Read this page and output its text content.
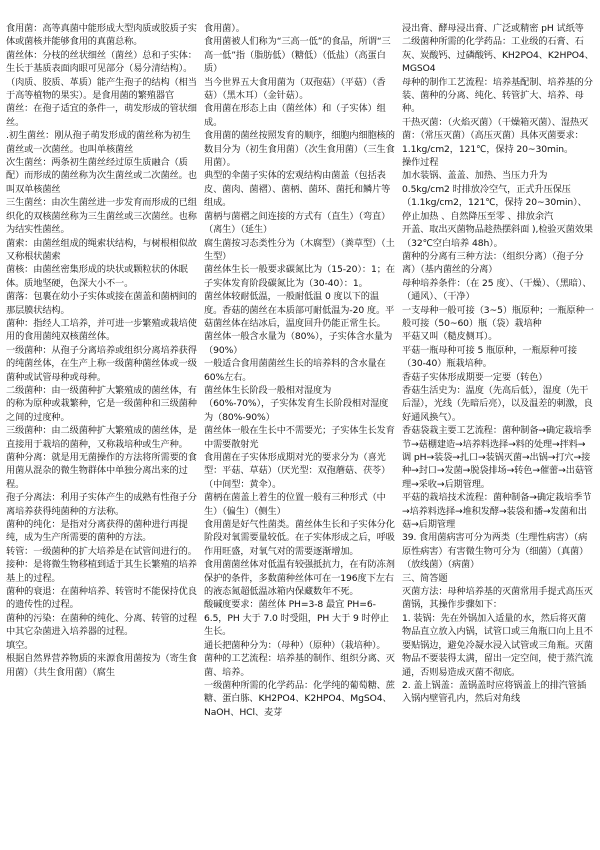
食用菌：高等真菌中能形成大型肉质或胶质子实体或菌核并能够食用的真菌总称。

菌丝体：分枝的丝状细丝（菌丝）总和子实体：生长于基质表面肉眼可见部分（易分清结构）。（肉质、胶质、革质）能产生孢子的结构（相当于高等植物的果实）。是食用菌的繁殖器官

菌丝：在孢子适宜的条件一，萌发形成的管状细丝。

.初生菌丝：刚从孢子萌发形成的菌丝称为初生菌丝或一次菌丝。也叫单核菌丝

次生菌丝：两条初生菌丝经过原生质融合（质配）而形成的菌丝称为次生菌丝或二次菌丝。也叫双单核菌丝

三生菌丝：由次生菌丝进一步发育而形成的已组织化的双核菌丝称为三生菌丝或三次菌丝。也称为结实性菌丝。

菌索：由菌丝组成的绳索状结构，与树根相似故又称根状菌索

菌核：由菌丝密集形成的块状或颗粒状的休眠体。质地坚硬，色深大小不一。

菌落：包裹在幼小子实体或接在菌盖和菌柄间的那层膜状结构。

菌种：指经人工培养，并可进一步繁殖或栽培使用的食用菌纯双核菌丝体。

一级菌种：从孢子分离培养或组织分离培养获得的纯菌丝体，在生产上称一级菌种菌丝体或一级菌种或试管母种或母种。

二级菌种：由一级菌种扩大繁殖成的菌丝体，有的称为原种或栽繁种，它是一级菌种和三级菌种之间的过度种。

三级菌种：由二级菌种扩大繁殖成的菌丝体，是直接用于栽培的菌种，又称栽培种或生产种。

菌种分离：就是用无菌操作的方法将所需要的食用菌从混杂的微生物群体中单独分离出来的过程。

孢子分离法：利用子实体产生的成熟有性孢子分离培养获得纯菌种的方法称。

菌种的纯化：是指对分离获得的菌种进行再提纯，成为生产所需要的菌种的方法。

转管：一级菌种的扩大培养是在试管间进行的。

接种：是将微生物移植到适于其生长繁殖的培养基上的过程。

菌种的衰退：在菌种培养、转管时不能保持优良的遗传性的过程。

菌种的污染：在菌种的纯化、分离、转管的过程中其它杂菌进入培养器的过程。

填空。

根据自然界营养物质的来源食用菌按为（寄生食用菌）（共生食用菌）（腐生

食用菌）。

食用菌被人们称为“三高一低”的食品，所谓“三高一低”指（脂肪低）（糖低）（低盐）（高蛋白质）

当今世界五大食用菌为（双孢菇）（平菇）（香菇）（黑木耳）（金针菇）。

食用菌在形态上由（菌丝体）和（子实体）组成。

食用菌的菌丝按照发育的顺序，细胞内细胞核的数目分为（初生食用菌）（次生食用菌）（三生食用菌）。

典型的伞菌子实体的宏观结构由菌盖（包括表皮、菌肉、菌褶）、菌柄、菌环、菌托和鳞片等组成。

菌柄与菌褶之间连接的方式有（直生）（弯直）（离生）（延生）

腐生菌按习态类性分为（木腐型）（粪草型）（土生型）

菌丝体生长一般要求碳氮比为（15-20）：1；在子实体发育阶段碳氮比为（30-40）：1。

菌丝体较耐低温，一般耐低温 0 度以下的温度。香菇的菌丝在本质部可耐低温为-20 度。平菇菌丝体在结冰后，温度回升仍能正常生长。

菌丝体一般含水量为（80%），子实体含水量为（90%）

一般适合食用菌菌丝生长的培养料的含水量在 60%左右。

菌丝体生长阶段一般相对湿度为（60%-70%），子实体发育生长阶段相对湿度为（80%-90%）

菌丝体一般在生长中不需要光；子实体生长发育中需要散射光

食用菌在子实体形成期对光的要求分为（喜光型：平菇、草菇）（厌光型：双孢蘑菇、茯苓）（中间型：黄伞）。

菌柄在菌盖上着生的位置一般有三种形式（中生）（偏生）（侧生）

食用菌是好气性菌类。菌丝体生长和子实体分化阶段对氧需要量较低。在子实体形成之后，呼吸作用旺盛，对氧气对的需要逐渐增加。

食用菌菌丝体对低温有较强抵抗力，在有防冻剂保护的条件，多数菌种丝体可在一196度下左右的液态氮超低温冰箱内保藏数年不死。

酸碱度要求：菌丝体 PH=3-8 最宜 PH=6-6.5，PH 大于 7.0 时受阻，PH 大于 9 时停止生长。

通长把菌种分为：（母种）（原种）（栽培种）。

菌种的工艺流程：培养基的制作、组织分离、灭菌、培养。

一级菌种所需的化学药品：化学纯的葡萄糖、蔗糖、蛋白胨、KH2PO4、K2HPO4、MgSO4、NaOH、HCl、麦芽

浸出膏、酵母浸出膏、广泛或精密 pH 试纸等

二级菌种所需的化学药品：工业级的石膏、石灰、炭酸钙、过磷酸钙、KH2PO4、K2HPO4、MGSO4

母种的制作工艺流程：培养基配制、培养基的分装、菌种的分离、纯化、转管扩大、培养、母种。

干热灭菌：（火焰灭菌）（干燥箱灭菌）、湿热灭菌：（常压灭菌）（高压灭菌）具体灭菌要求：1.1kg/cm2，121℃，保持 20~30min。

操作过程

加水装锅、盖盖、加热、当压力升为 0.5kg/cm2 时排放冷空气，正式升压保压（1.1kg/cm2，121℃，保持 20~30min）、停止加热 、自然降压至零 、排放余汽

开盖、取出灭菌物品趁热摆斜面 ),检验灭菌效果（32℃空白培养 48h）。

菌种的分离有三种方法：（组织分离）（孢子分离）（基内菌丝的分离）

母种培养条件：（在 25 度）、（干燥）、（黑暗）、（通风）、（干净）

一支母种一般可接（3~5）瓶原种；一瓶原种一般可接（50~60）瓶（袋）栽培种

平菇又叫（糙皮侧耳）。

平菇一瓶母种可接 5 瓶原种，一瓶原种可接（30-40）瓶栽培种。

香菇子实体形成期要一定要（转色）

香菇生活史为：温度（先高后低），湿度（先干后湿），光线（先暗后亮），以及温差的刺激，良好通风换气）。

香菇袋栽主要工艺流程：菌种制备→确定栽培季节→菇棚建造→培养料选择→料的处理→拌料→调 pH→装袋→扎口→装锅灭菌→出锅→打穴→接种→封口→发菌→脱袋排场→转色→催蕾→出菇管理→采收→后期管理。

平菇的栽培技术流程：菌种制备→确定栽培季节→培养料选择→堆积发酵→装袋和播→发菌和出菇→后期管理

39. 食用菌病害可分为两类（生理性病害）（病原性病害）有害微生物可分为（细菌）（真菌）（放线菌）（病菌）

三、简答题

灭菌方法：母种培养基的灭菌常用手提式高压灭菌锅，其操作步骤如下：

1. 装锅：先在外锅加入适量的水，然后将灭菌物品直立放入内锅，试管口或三角瓶口向上且不要贴锅边，避免冷凝水浸入试管或三角瓶。灭菌物品不要装得太满，留出一定空间，使于蒸汽流通，否则易造成灭菌不彻底。

2. 盖上锅盖：盖锅盖时应将锅盖上的排汽管插入锅内壁管孔内，然后对角线
